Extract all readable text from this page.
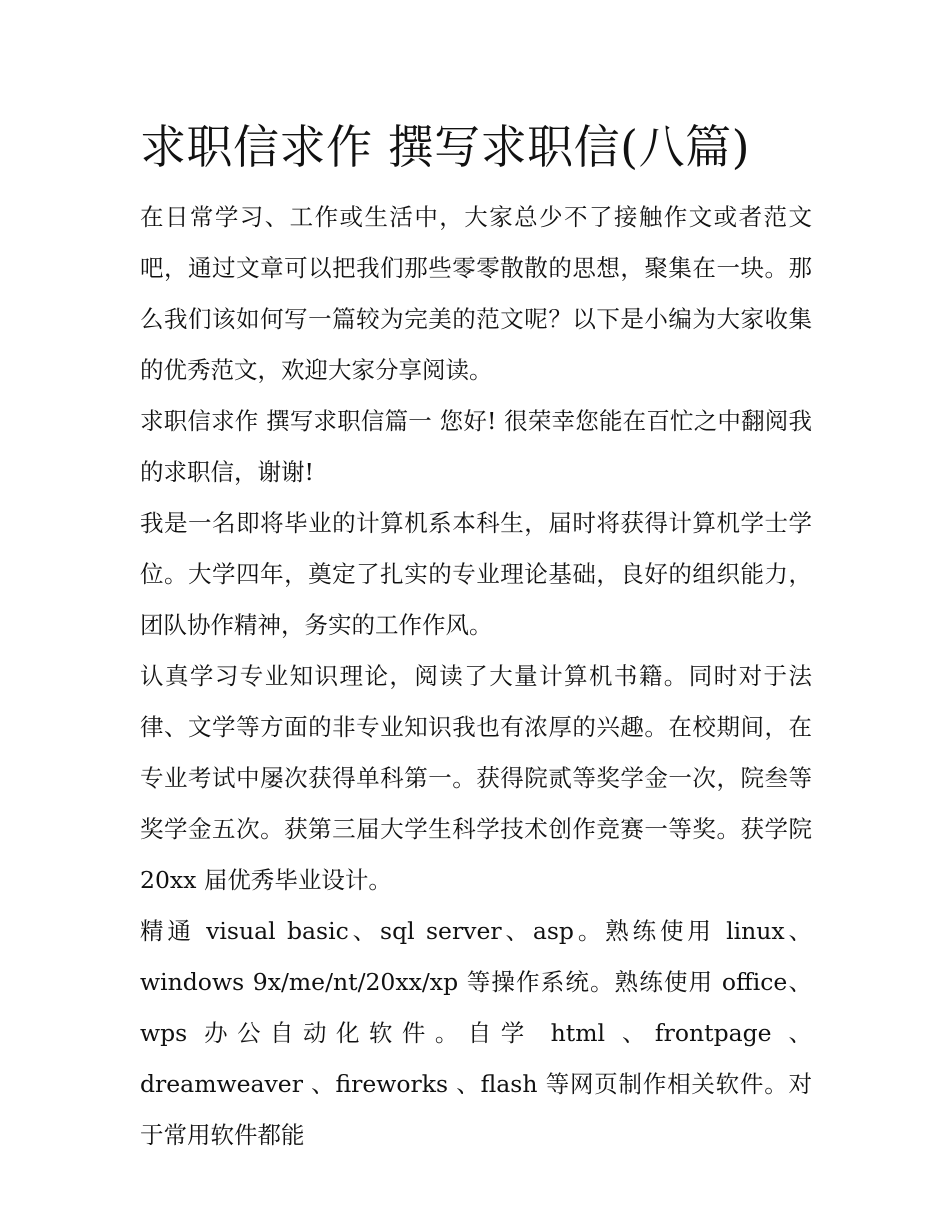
求职信求作 撰写求职信(八篇)

在日常学习、工作或生活中，大家总少不了接触作文或者范文吧，通过文章可以把我们那些零零散散的思想，聚集在一块。那么我们该如何写一篇较为完美的范文呢？以下是小编为大家收集的优秀范文，欢迎大家分享阅读。

求职信求作 撰写求职信篇一 您好! 很荣幸您能在百忙之中翻阅我的求职信，谢谢!

我是一名即将毕业的计算机系本科生，届时将获得计算机学士学位。大学四年，奠定了扎实的专业理论基础，良好的组织能力，团队协作精神，务实的工作作风。

认真学习专业知识理论，阅读了大量计算机书籍。同时对于法律、文学等方面的非专业知识我也有浓厚的兴趣。在校期间，在专业考试中屡次获得单科第一。获得院贰等奖学金一次，院叁等奖学金五次。获第三届大学生科学技术创作竞赛一等奖。获学院 20xx 届优秀毕业设计。

精通 visual basic、sql server、asp。熟练使用 linux、windows 9x/me/nt/20xx/xp 等操作系统。熟练使用 office、wps 办公自动化软件。自学 html 、frontpage 、dreamweaver 、fireworks 、flash 等网页制作相关软件。对于常用软件都能
